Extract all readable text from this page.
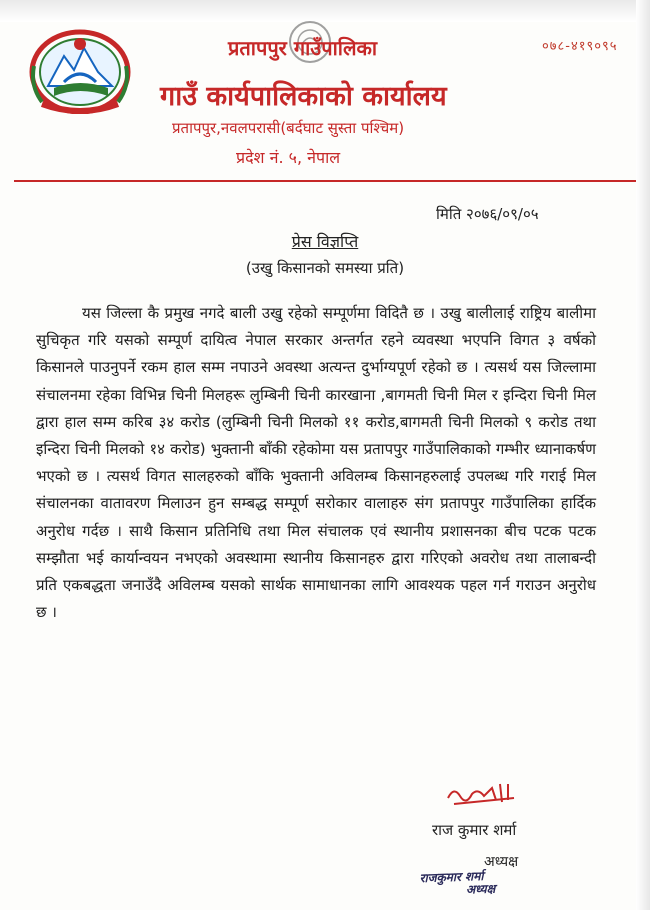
०७८-४१९०९५
प्रतापपुर गाउँपालिका
गाउँ कार्यपालिकाको कार्यालय
प्रतापपुर,नवलपरासी(बर्दघाट सुस्ता पश्चिम)
प्रदेश नं. ५, नेपाल
मिति २०७६/०९/०५
प्रेस विज्ञप्ति
(उखु किसानको समस्या प्रति)
यस जिल्ला कै प्रमुख नगदे बाली उखु रहेको सम्पूर्णमा विदितै छ । उखु बालीलाई राष्ट्रिय बालीमा सुचिकृत गरि यसको सम्पूर्ण दायित्व नेपाल सरकार अन्तर्गत रहने व्यवस्था भएपनि विगत ३ वर्षको किसानले पाउनुपर्ने रकम हाल सम्म नपाउने अवस्था अत्यन्त दुर्भाग्यपूर्ण रहेको छ । त्यसर्थ यस जिल्लामा संचालनमा रहेका विभिन्न चिनी मिलहरू लुम्बिनी चिनी कारखाना ,बागमती चिनी मिल र इन्दिरा चिनी मिल द्वारा हाल सम्म करिब ३४ करोड (लुम्बिनी चिनी मिलको ११ करोड,बागमती चिनी मिलको ९ करोड तथा इन्दिरा चिनी मिलको १४ करोड) भुक्तानी बाँकी रहेकोमा यस प्रतापपुर गाउँपालिकाको गम्भीर ध्यानाकर्षण भएको छ । त्यसर्थ विगत सालहरुको बाँकि भुक्तानी अविलम्ब किसानहरुलाई उपलब्ध गरि गराई मिल संचालनका वातावरण मिलाउन हुन सम्बद्ध सम्पूर्ण सरोकार वालाहरु संग प्रतापपुर गाउँपालिका हार्दिक अनुरोध गर्दछ । साथै किसान प्रतिनिधि तथा मिल संचालक एवं स्थानीय प्रशासनका बीच पटक पटक सम्झौता भई कार्यान्वयन नभएको अवस्थामा स्थानीय किसानहरु द्वारा गरिएको अवरोध तथा तालाबन्दी प्रति एकबद्धता जनाउँदै अविलम्ब यसको सार्थक सामाधानका लागि आवश्यक पहल गर्न गराउन अनुरोध छ ।
राज कुमार शर्मा
अध्यक्ष
राजकुमार शर्मा
अध्यक्ष
